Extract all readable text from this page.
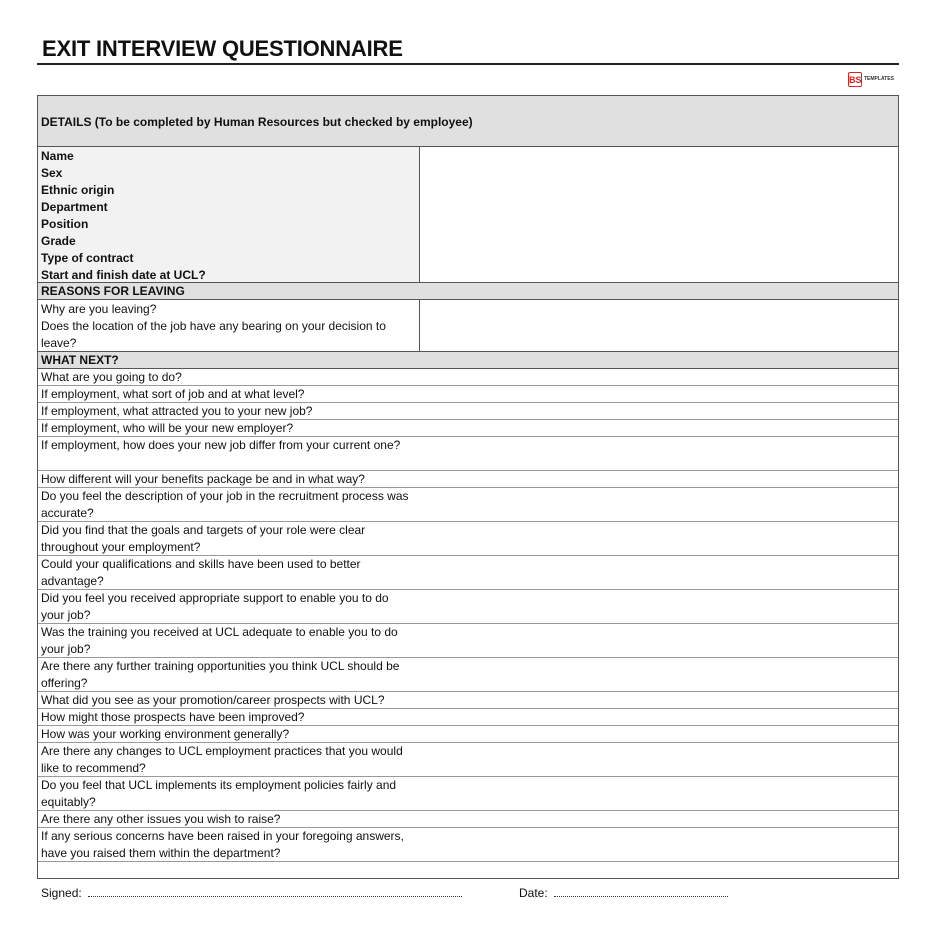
EXIT INTERVIEW QUESTIONNAIRE
BS TEMPLATES
DETAILS (To be completed by Human Resources but checked by employee)
Name
Sex
Ethnic origin
Department
Position
Grade
Type of contract
Start and finish date at UCL?
REASONS FOR LEAVING
Why are you leaving?
Does the location of the job have any bearing on your decision to
leave?
WHAT NEXT?
What are you going to do?
If employment, what sort of job and at what level?
If employment, what attracted you to your new job?
If employment, who will be your new employer?
If employment, how does your new job differ from your current one?
How different will your benefits package be and in what way?
Do you feel the description of your job in the recruitment process was accurate?
Did you find that the goals and targets of your role were clear throughout your employment?
Could your qualifications and skills have been used to better advantage?
Did you feel you received appropriate support to enable you to do your job?
Was the training you received at UCL adequate to enable you to do your job?
Are there any further training opportunities you think UCL should be offering?
What did you see as your promotion/career prospects with UCL?
How might those prospects have been improved?
How was your working environment generally?
Are there any changes to UCL employment practices that you would like to recommend?
Do you feel that UCL implements its employment policies fairly and equitably?
Are there any other issues you wish to raise?
If any serious concerns have been raised in your foregoing answers, have you raised them within the department?
Signed:	Date:
